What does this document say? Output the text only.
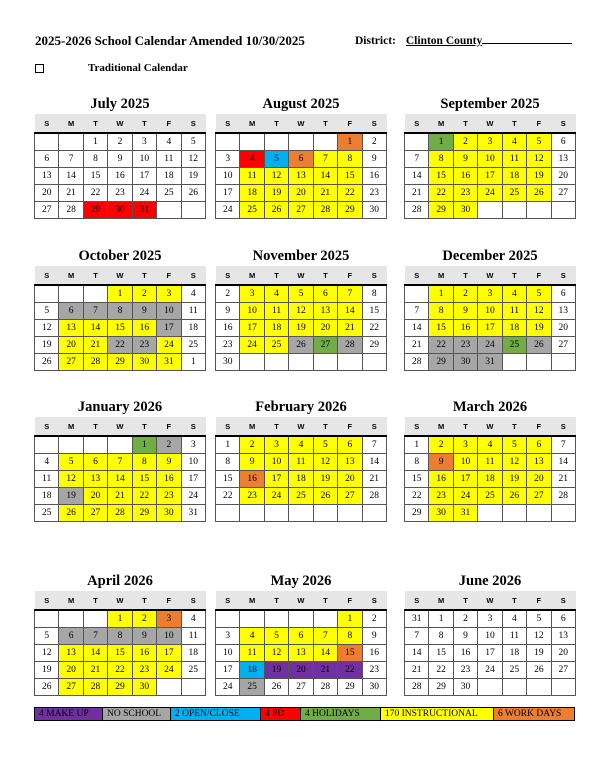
2025-2026 School Calendar Amended 10/30/2025	District: Clinton County
Traditional Calendar
July 2025
S	M	T	W	T	F	S
		1	2	3	4	5
6	7	8	9	10	11	12
13	14	15	16	17	18	19
20	21	22	23	24	25	26
27	28	29	30	31		
August 2025
S	M	T	W	T	F	S
					1	2
3	4	5	6	7	8	9
10	11	12	13	14	15	16
17	18	19	20	21	22	23
24	25	26	27	28	29	30
September 2025
S	M	T	W	T	F	S
	1	2	3	4	5	6
7	8	9	10	11	12	13
14	15	16	17	18	19	20
21	22	23	24	25	26	27
28	29	30				
October 2025
S	M	T	W	T	F	S
			1	2	3	4
5	6	7	8	9	10	11
12	13	14	15	16	17	18
19	20	21	22	23	24	25
26	27	28	29	30	31	1
November 2025
S	M	T	W	T	F	S
2	3	4	5	6	7	8
9	10	11	12	13	14	15
16	17	18	19	20	21	22
23	24	25	26	27	28	29
30						
December 2025
S	M	T	W	T	F	S
	1	2	3	4	5	6
7	8	9	10	11	12	13
14	15	16	17	18	19	20
21	22	23	24	25	26	27
28	29	30	31			
January 2026
S	M	T	W	T	F	S
				1	2	3
4	5	6	7	8	9	10
11	12	13	14	15	16	17
18	19	20	21	22	23	24
25	26	27	28	29	30	31
February 2026
S	M	T	W	T	F	S
1	2	3	4	5	6	7
8	9	10	11	12	13	14
15	16	17	18	19	20	21
22	23	24	25	26	27	28

March 2026
S	M	T	W	T	F	S
1	2	3	4	5	6	7
8	9	10	11	12	13	14
15	16	17	18	19	20	21
22	23	24	25	26	27	28
29	30	31				
April 2026
S	M	T	W	T	F	S
			1	2	3	4
5	6	7	8	9	10	11
12	13	14	15	16	17	18
19	20	21	22	23	24	25
26	27	28	29	30		
May 2026
S	M	T	W	T	F	S
					1	2
3	4	5	6	7	8	9
10	11	12	13	14	15	16
17	18	19	20	21	22	23
24	25	26	27	28	29	30
June 2026
S	M	T	W	T	F	S
31	1	2	3	4	5	6
7	8	9	10	11	12	13
14	15	16	17	18	19	20
21	22	23	24	25	26	27
28	29	30				
4 MAKE UP	NO SCHOOL	2 OPEN/CLOSE	4 PD	4 HOLIDAYS	170 INSTRUCTIONAL	6 WORK DAYS
